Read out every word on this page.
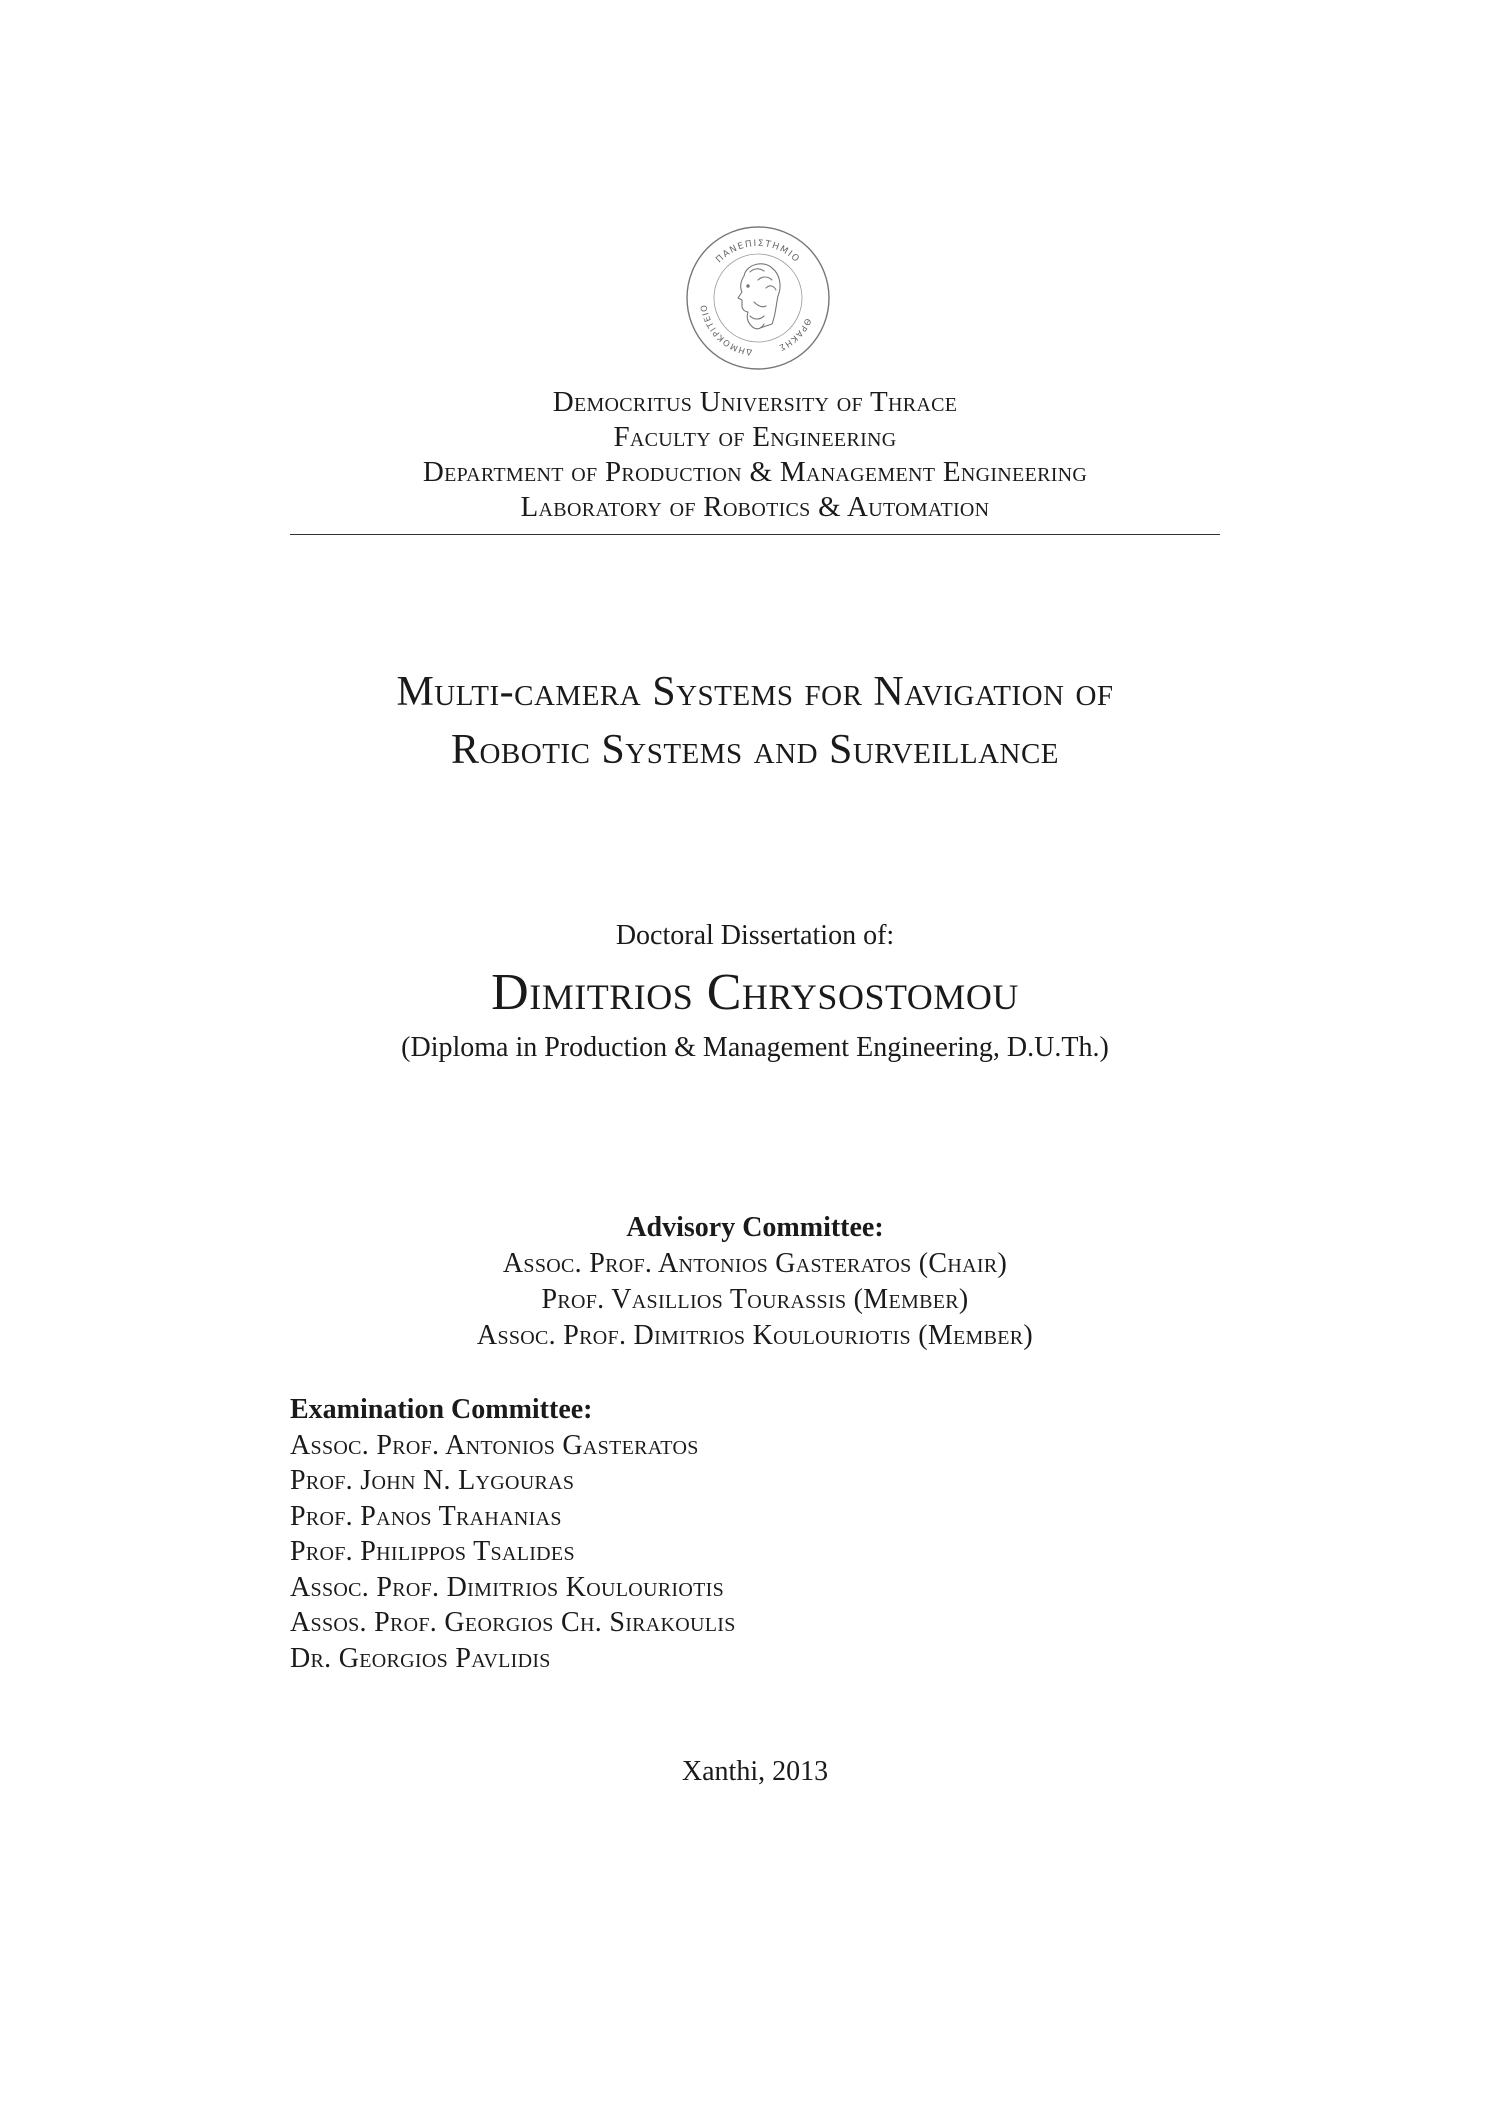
ΠΑΝΕΠΙΣΤΗΜΙΟ
ΔΗΜΟΚΡΙΤΕΙΟ
ΘΡΑΚΗΣ
Democritus University of Thrace
Faculty of Engineering
Department of Production & Management Engineering
Laboratory of Robotics & Automation
Multi-camera Systems for Navigation of
Robotic Systems and Surveillance
Doctoral Dissertation of:
Dimitrios Chrysostomou
(Diploma in Production & Management Engineering, D.U.Th.)
Advisory Committee:
Assoc. Prof. Antonios Gasteratos (Chair)
Prof. Vasillios Tourassis (Member)
Assoc. Prof. Dimitrios Koulouriotis (Member)
Examination Committee:
Assoc. Prof. Antonios Gasteratos
Prof. John N. Lygouras
Prof. Panos Trahanias
Prof. Philippos Tsalides
Assoc. Prof. Dimitrios Koulouriotis
Assos. Prof. Georgios Ch. Sirakoulis
Dr. Georgios Pavlidis
Xanthi, 2013
